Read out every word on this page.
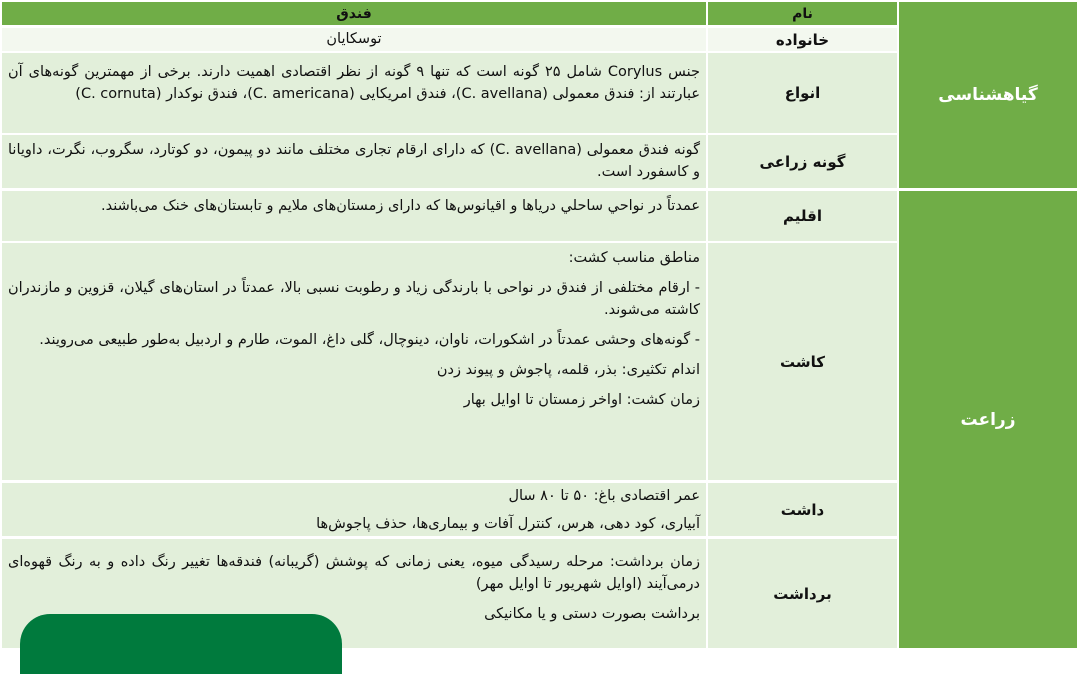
گیاهشناسی
زراعت
نام
فندق
خانواده
توسکایان
انواع
جنس Corylus شامل ۲۵ گونه است که تنها ۹ گونه از نظر اقتصادی اهمیت دارند. برخی از مهمترین گونه‌های آن عبارتند از: فندق معمولی (C. avellana)، فندق امریکایی (C. americana)، فندق نوکدار (C. cornuta)
گونه زراعی
گونه فندق معمولی (C. avellana) که دارای ارقام تجاری مختلف مانند دو پیمون، دو کوتارد، سگروب، نگرت، داویانا و کاسفورد است.
اقلیم
عمدتاً در نواحي ساحلي درياها و اقيانوس‌ها که دارای زمستان‌های ملایم و تابستان‌های خنک می‌باشند.
کاشت

مناطق مناسب کشت:

- ارقام مختلفی از فندق در نواحی با بارندگی زیاد و رطوبت نسبی بالا، عمدتاً در استان‌های گیلان، قزوین و مازندران کاشته می‌شوند.

- گونه‌های وحشی عمدتاً در اشکورات، ناوان، دینوچال، گلی داغ، الموت، طارم و اردبیل به‌طور طبیعی می‌رویند.

اندام تکثیری: بذر، قلمه، پاجوش و پیوند زدن

زمان کشت: اواخر زمستان تا اوایل بهار

داشت

عمر اقتصادی باغ: ۵۰ تا ۸۰ سال

آبیاری، کود دهی، هرس، کنترل آفات و بیماری‌ها، حذف پاجوش‌ها

برداشت

زمان برداشت: مرحله رسیدگی میوه، یعنی زمانی که پوشش (گریبانه) فندقه‌ها تغییر رنگ داده و به رنگ قهوه‌ای درمی‌آیند (اوایل شهریور تا اوایل مهر)

برداشت بصورت دستی و یا مکانیکی
